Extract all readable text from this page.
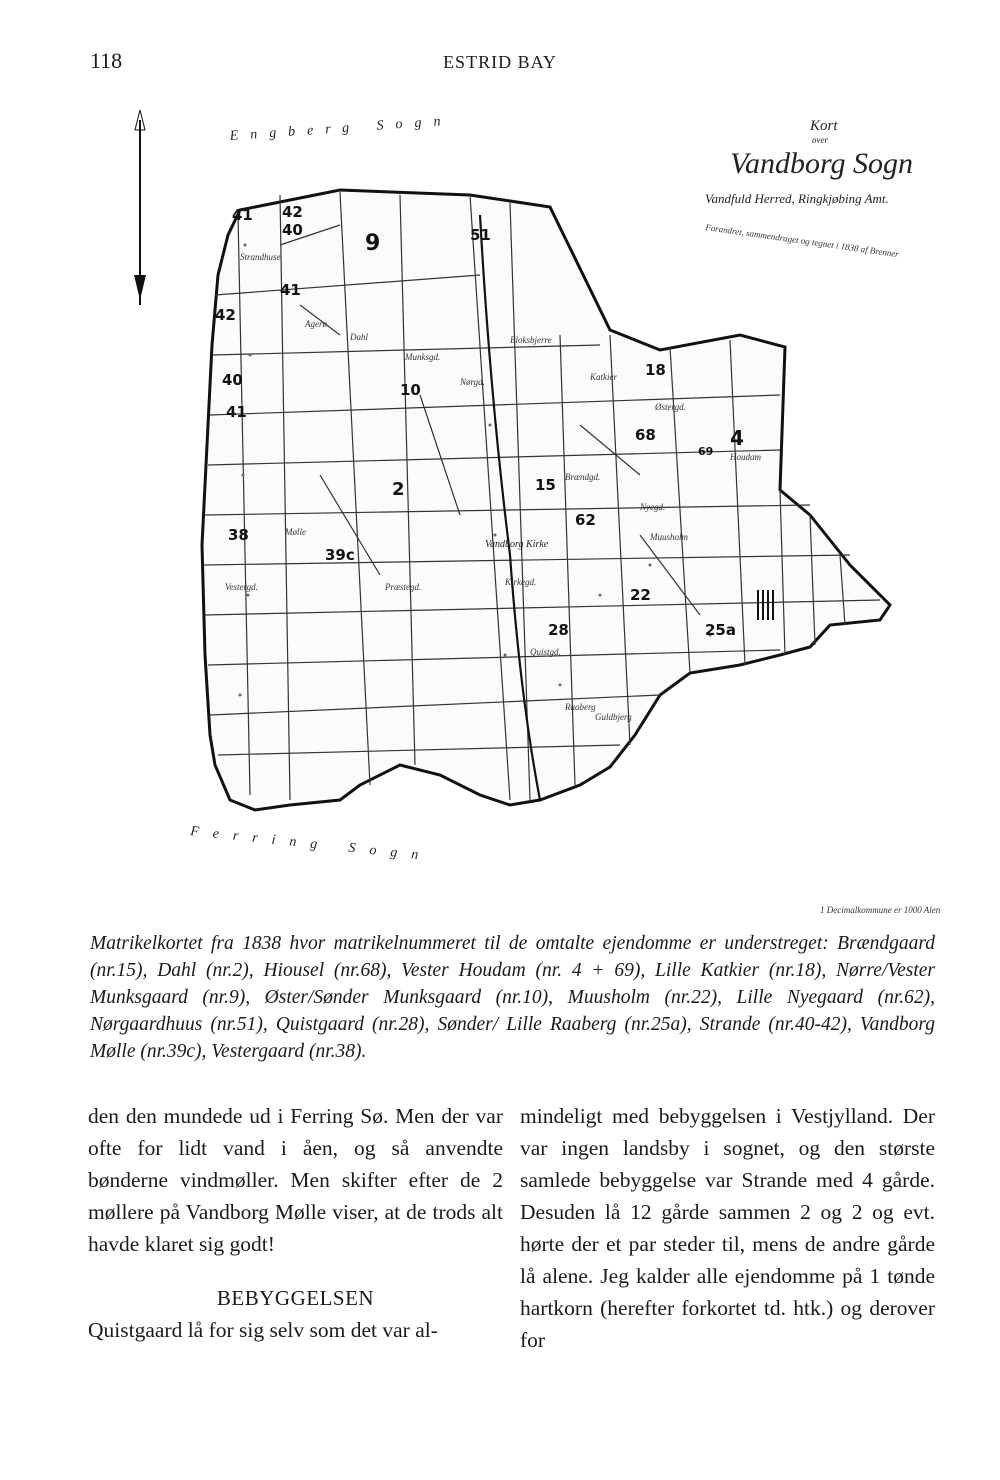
118	ESTRID BAY
Kort
over
Vandborg Sogn
Vandfuld Herred, Ringkjøbing Amt.
Forandret, sammendraget og tegnet i 1838 af Brenner
Engberg Sogn
Ferring Sogn
1 Decimalkommune er 1000 Alen
Vandborg Kirke
41 42
40
9	51
41
42
40
41
10
18
68	4
69
2	15
62
38
39c
22
28	25a
Strandhuse
Agerø
Dahl
Munksgd.
Bloksbjerre
Katkier
Østergd.
Nørgd.
Brændgd.
Kirkegd.
Quistgd.
Vestergd.
Mølle
Præstegd.
Raaberg
Guldbjerg
Nyegd.
Muusholm
Houdam
Matrikelkortet fra 1838 hvor matrikelnummeret til de omtalte ejendomme er understreget: Brændgaard (nr.15), Dahl (nr.2), Hiousel (nr.68), Vester Houdam (nr. 4 + 69), Lille Katkier (nr.18), Nørre/Vester Munksgaard (nr.9), Øster/Sønder Munksgaard (nr.10), Muusholm (nr.22), Lille Nyegaard (nr.62), Nørgaardhuus (nr.51), Quistgaard (nr.28), Sønder/ Lille Raaberg (nr.25a), Strande (nr.40-42), Vandborg Mølle (nr.39c), Vestergaard (nr.38).

den den mundede ud i Ferring Sø. Men der var ofte for lidt vand i åen, og så anvendte bønderne vindmøller. Men skifter efter de 2 møllere på Vandborg Mølle viser, at de trods alt havde klaret sig godt!

BEBYGGELSEN

Quistgaard lå for sig selv som det var al-

mindeligt med bebyggelsen i Vestjylland. Der var ingen landsby i sognet, og den største samlede bebyggelse var Strande med 4 gårde. Desuden lå 12 gårde sammen 2 og 2 og evt. hørte der et par steder til, mens de andre gårde lå alene. Jeg kalder alle ejendomme på 1 tønde hartkorn (herefter forkortet td. htk.) og derover for
